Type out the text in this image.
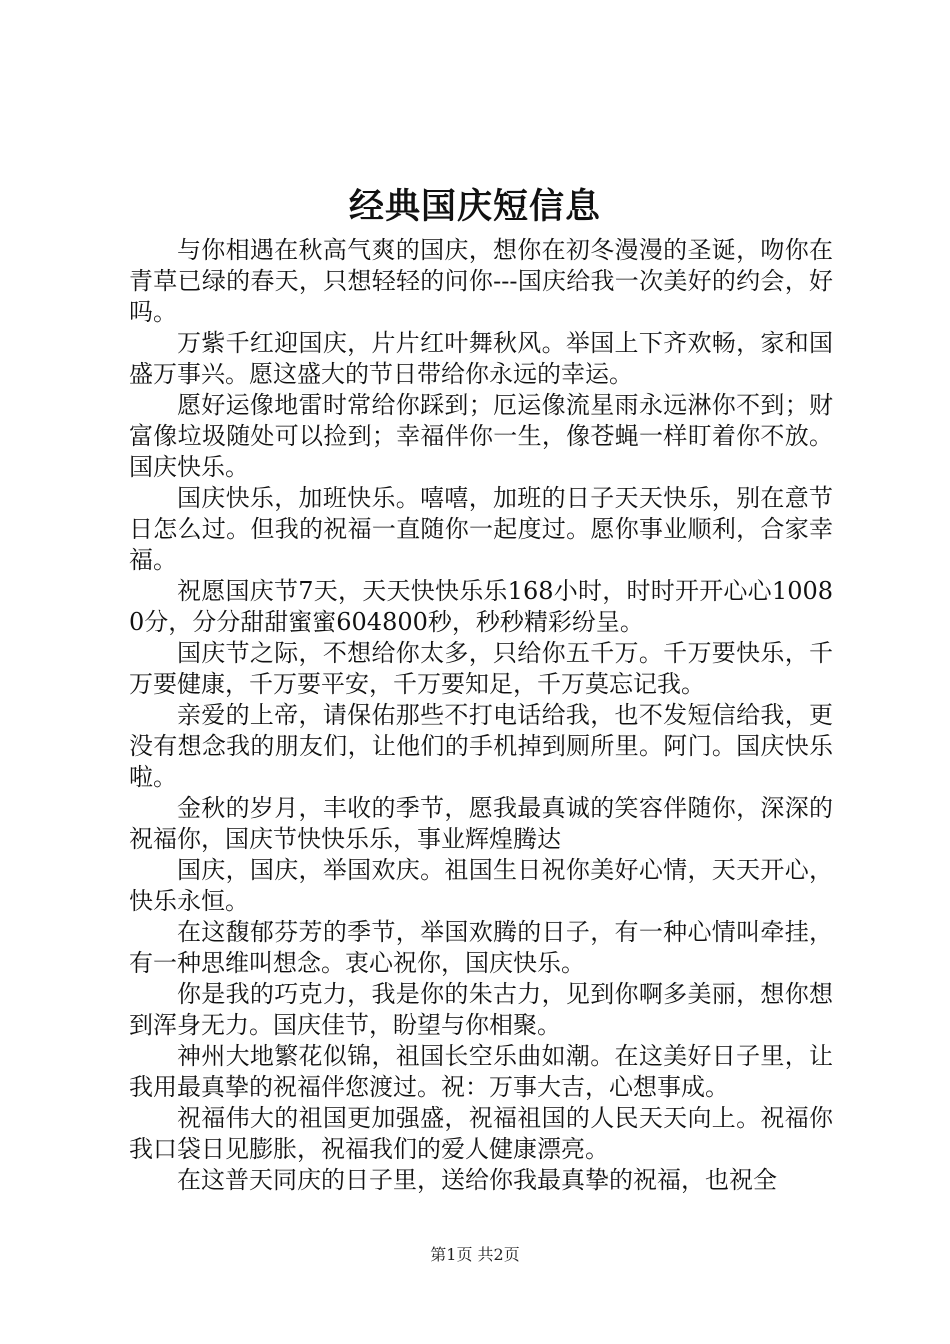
经典国庆短信息

与你相遇在秋高气爽的国庆，想你在初冬漫漫的圣诞，吻你在青草已绿的春天，只想轻轻的问你---国庆给我一次美好的约会，好吗。

万紫千红迎国庆，片片红叶舞秋风。举国上下齐欢畅，家和国盛万事兴。愿这盛大的节日带给你永远的幸运。

愿好运像地雷时常给你踩到；厄运像流星雨永远淋你不到；财富像垃圾随处可以捡到；幸福伴你一生，像苍蝇一样盯着你不放。国庆快乐。

国庆快乐，加班快乐。嘻嘻，加班的日子天天快乐，别在意节日怎么过。但我的祝福一直随你一起度过。愿你事业顺利，合家幸福。

祝愿国庆节7天，天天快快乐乐168小时，时时开开心心10080分，分分甜甜蜜蜜604800秒，秒秒精彩纷呈。

国庆节之际，不想给你太多，只给你五千万。千万要快乐，千万要健康，千万要平安，千万要知足，千万莫忘记我。

亲爱的上帝，请保佑那些不打电话给我，也不发短信给我，更没有想念我的朋友们，让他们的手机掉到厕所里。阿门。国庆快乐啦。

金秋的岁月，丰收的季节，愿我最真诚的笑容伴随你，深深的祝福你，国庆节快快乐乐，事业辉煌腾达

国庆，国庆，举国欢庆。祖国生日祝你美好心情，天天开心，快乐永恒。

在这馥郁芬芳的季节，举国欢腾的日子，有一种心情叫牵挂，有一种思维叫想念。衷心祝你，国庆快乐。

你是我的巧克力，我是你的朱古力，见到你啊多美丽，想你想到浑身无力。国庆佳节，盼望与你相聚。

神州大地繁花似锦，祖国长空乐曲如潮。在这美好日子里，让我用最真挚的祝福伴您渡过。祝：万事大吉，心想事成。

祝福伟大的祖国更加强盛，祝福祖国的人民天天向上。祝福你我口袋日见膨胀，祝福我们的爱人健康漂亮。

在这普天同庆的日子里，送给你我最真挚的祝福，也祝全

第1页 共2页
